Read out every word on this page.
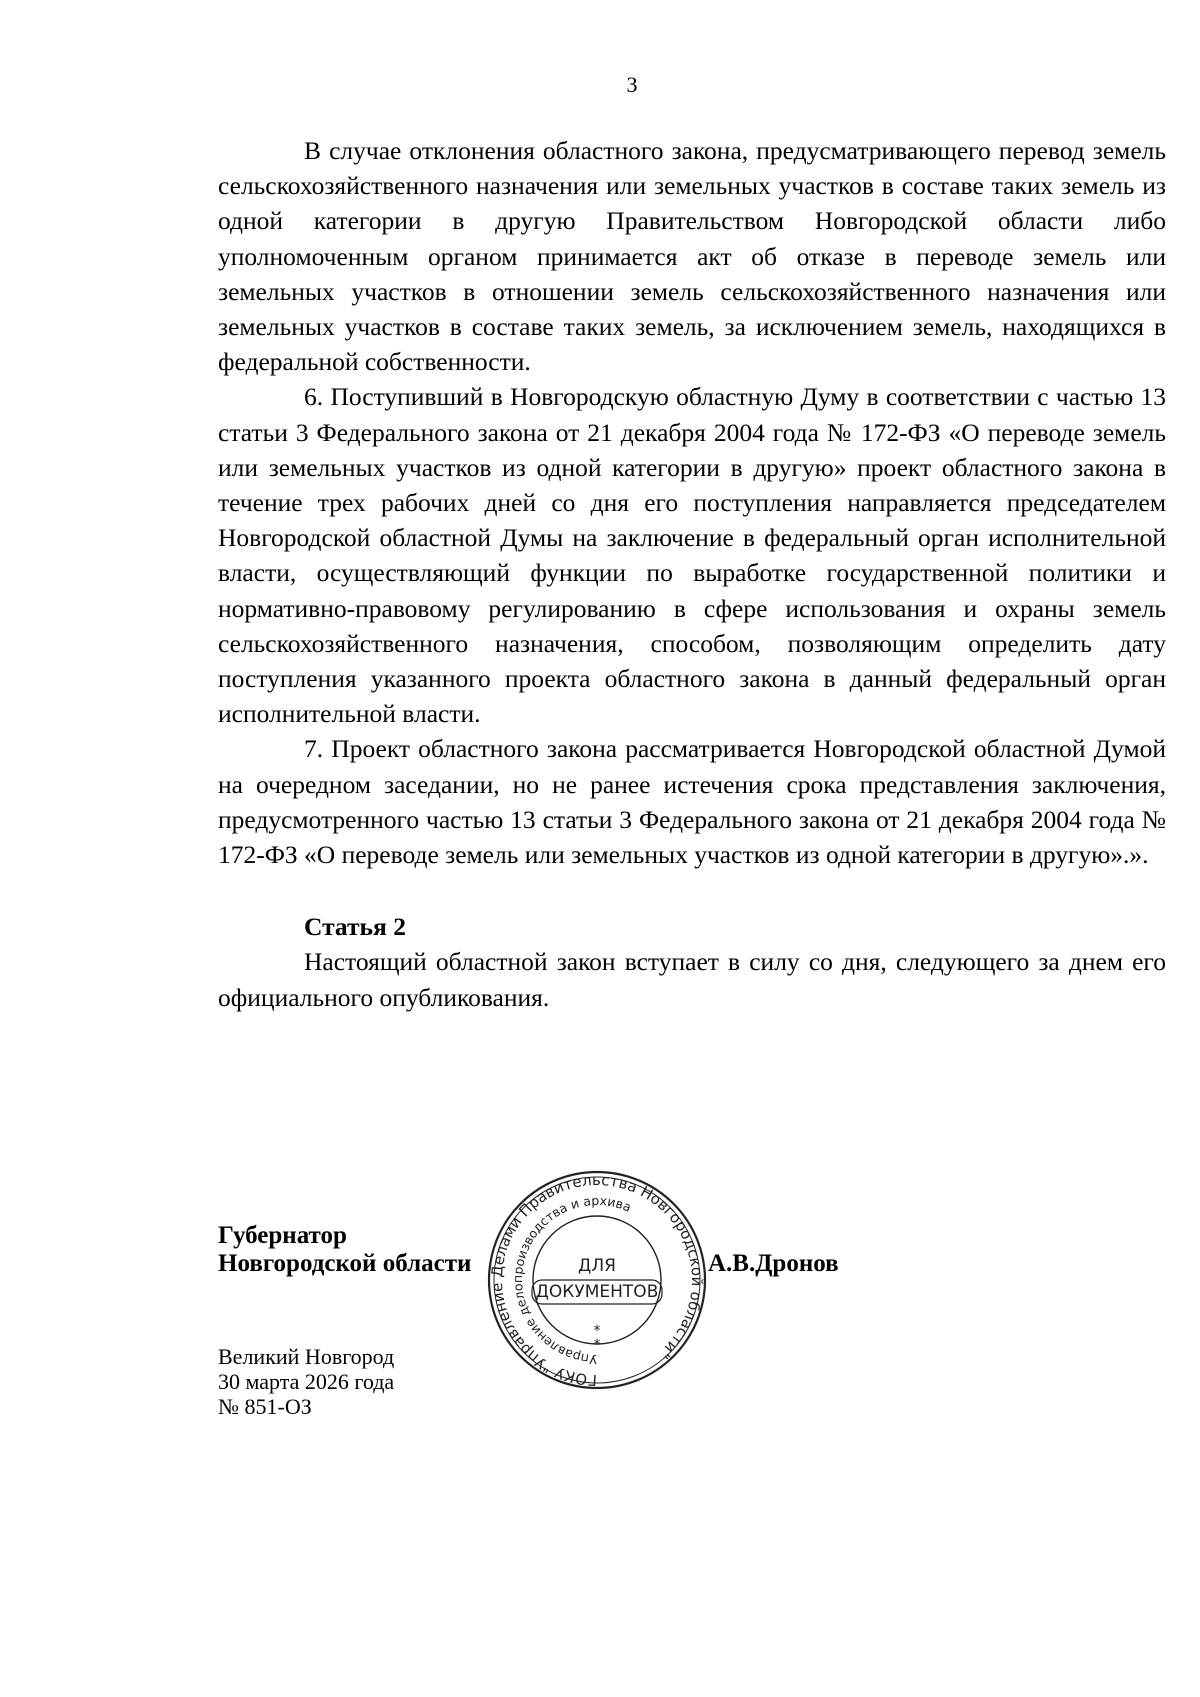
3

В случае отклонения областного закона, предусматривающего перевод земель сельскохозяйственного назначения или земельных участков в составе таких земель из одной категории в другую Правительством Новгородской области либо уполномоченным органом принимается акт об отказе в переводе земель или земельных участков в отношении земель сельскохозяйственного назначения или земельных участков в составе таких земель, за исключением земель, находящихся в федеральной собственности.

6. Поступивший в Новгородскую областную Думу в соответствии с частью 13 статьи 3 Федерального закона от 21 декабря 2004 года № 172-ФЗ «О переводе земель или земельных участков из одной категории в другую» проект областного закона в течение трех рабочих дней со дня его поступления направляется председателем Новгородской областной Думы на заключение в федеральный орган исполнительной власти, осуществляющий функции по выработке государственной политики и нормативно-правовому регулированию в сфере использования и охраны земель сельскохозяйственного назначения, способом, позволяющим определить дату поступления указанного проекта областного закона в данный федеральный орган исполнительной власти.

7. Проект областного закона рассматривается Новгородской областной Думой на очередном заседании, но не ранее истечения срока представления заключения, предусмотренного частью 13 статьи 3 Федерального закона от 21 декабря 2004 года № 172-ФЗ «О переводе земель или земельных участков из одной категории в другую».».

Статья 2

Настоящий областной закон вступает в силу со дня, следующего за днем его официального опубликования.

Губернатор
Новгородской области	А.В.Дронов
ГОКУ "Управление Делами Правительства Новгородской области"
Управление делопроизводства и архива
ДЛЯ
ДОКУМЕНТОВ
*
*
Великий Новгород
30 марта 2026 года
№ 851-ОЗ
